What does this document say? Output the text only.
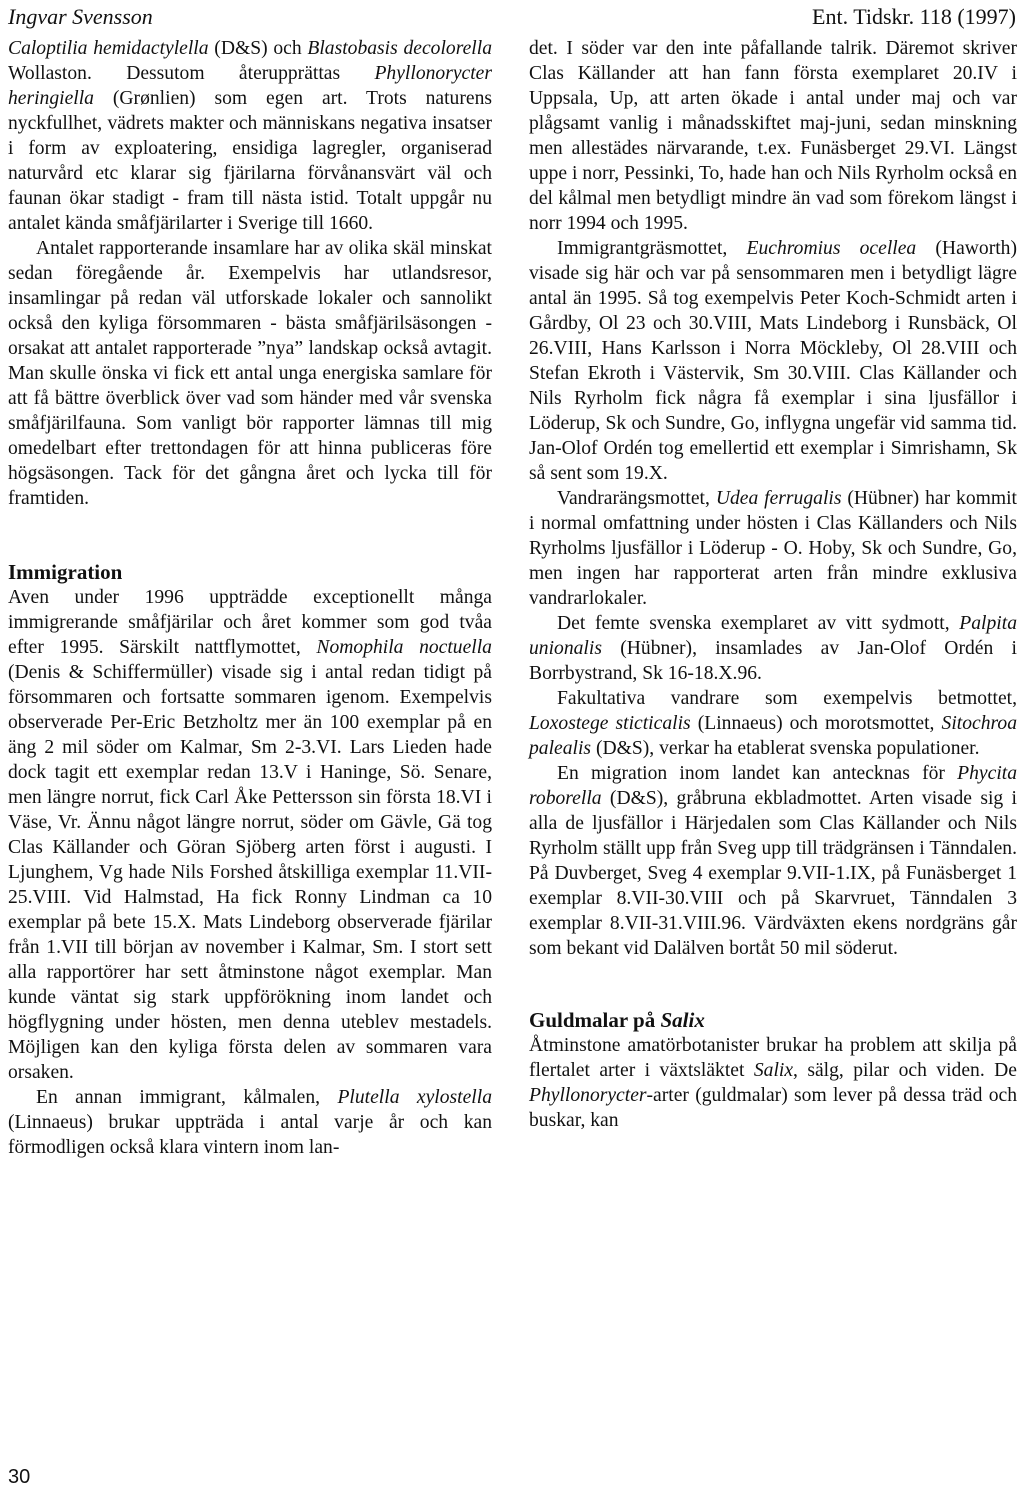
Ingvar Svensson	Ent. Tidskr. 118 (1997)

Caloptilia hemidactylella (D&S) och Blastobasis decolorella Wollaston. Dessutom återupprättas Phyllonorycter heringiella (Grønlien) som egen art. Trots naturens nyckfullhet, vädrets makter och människans negativa insatser i form av exploatering, ensidiga lagregler, organiserad naturvård etc klarar sig fjärilarna förvånansvärt väl och faunan ökar stadigt - fram till nästa istid. Totalt uppgår nu antalet kända småfjärilarter i Sverige till 1660.

Antalet rapporterande insamlare har av olika skäl minskat sedan föregående år. Exempelvis har utlandsresor, insamlingar på redan väl utforskade lokaler och sannolikt också den kyliga försommaren - bästa småfjärilsäsongen - orsakat att antalet rapporterade ”nya” landskap också avtagit. Man skulle önska vi fick ett antal unga energiska samlare för att få bättre överblick över vad som händer med vår svenska småfjärilfauna. Som vanligt bör rapporter lämnas till mig omedelbart efter trettondagen för att hinna publiceras före högsäsongen. Tack för det gångna året och lycka till för framtiden.

Immigration

Aven under 1996 uppträdde exceptionellt många immigrerande småfjärilar och året kommer som god tvåa efter 1995. Särskilt nattflymottet, Nomophila noctuella (Denis & Schiffermüller) visade sig i antal redan tidigt på försommaren och fortsatte sommaren igenom. Exempelvis observerade Per-Eric Betzholtz mer än 100 exemplar på en äng 2 mil söder om Kalmar, Sm 2-3.VI. Lars Lieden hade dock tagit ett exemplar redan 13.V i Haninge, Sö. Senare, men längre norrut, fick Carl Åke Pettersson sin första 18.VI i Väse, Vr. Ännu något längre norrut, söder om Gävle, Gä tog Clas Källander och Göran Sjöberg arten först i augusti. I Ljunghem, Vg hade Nils Forshed åtskilliga exemplar 11.VII-25.VIII. Vid Halmstad, Ha fick Ronny Lindman ca 10 exemplar på bete 15.X. Mats Lindeborg observerade fjärilar från 1.VII till början av november i Kalmar, Sm. I stort sett alla rapportörer har sett åtminstone något exemplar. Man kunde väntat sig stark uppförökning inom landet och högflygning under hösten, men denna uteblev mestadels. Möjligen kan den kyliga första delen av sommaren vara orsaken.

En annan immigrant, kålmalen, Plutella xylostella (Linnaeus) brukar uppträda i antal varje år och kan förmodligen också klara vintern inom lan-

det. I söder var den inte påfallande talrik. Däremot skriver Clas Källander att han fann första exemplaret 20.IV i Uppsala, Up, att arten ökade i antal under maj och var plågsamt vanlig i månadsskiftet maj-juni, sedan minskning men allestädes närvarande, t.ex. Funäsberget 29.VI. Längst uppe i norr, Pessinki, To, hade han och Nils Ryrholm också en del kålmal men betydligt mindre än vad som förekom längst i norr 1994 och 1995.

Immigrantgräsmottet, Euchromius ocellea (Haworth) visade sig här och var på sensommaren men i betydligt lägre antal än 1995. Så tog exempelvis Peter Koch-Schmidt arten i Gårdby, Ol 23 och 30.VIII, Mats Lindeborg i Runsbäck, Ol 26.VIII, Hans Karlsson i Norra Möckleby, Ol 28.VIII och Stefan Ekroth i Västervik, Sm 30.VIII. Clas Källander och Nils Ryrholm fick några få exemplar i sina ljusfällor i Löderup, Sk och Sundre, Go, inflygna ungefär vid samma tid. Jan-Olof Ordén tog emellertid ett exemplar i Simrishamn, Sk så sent som 19.X.

Vandrarängsmottet, Udea ferrugalis (Hübner) har kommit i normal omfattning under hösten i Clas Källanders och Nils Ryrholms ljusfällor i Löderup - O. Hoby, Sk och Sundre, Go, men ingen har rapporterat arten från mindre exklusiva vandrarlokaler.

Det femte svenska exemplaret av vitt sydmott, Palpita unionalis (Hübner), insamlades av Jan-Olof Ordén i Borrbystrand, Sk 16-18.X.96.

Fakultativa vandrare som exempelvis betmottet, Loxostege sticticalis (Linnaeus) och morotsmottet, Sitochroa palealis (D&S), verkar ha etablerat svenska populationer.

En migration inom landet kan antecknas för Phycita roborella (D&S), gråbruna ekbladmottet. Arten visade sig i alla de ljusfällor i Härjedalen som Clas Källander och Nils Ryrholm ställt upp från Sveg upp till trädgränsen i Tänndalen. På Duvberget, Sveg 4 exemplar 9.VII-1.IX, på Funäsberget 1 exemplar 8.VII-30.VIII och på Skarvruet, Tänndalen 3 exemplar 8.VII-31.VIII.96. Värdväxten ekens nordgräns går som bekant vid Dalälven bortåt 50 mil söderut.

Guldmalar på Salix

Åtminstone amatörbotanister brukar ha problem att skilja på flertalet arter i växtsläktet Salix, sälg, pilar och viden. De Phyllonorycter-arter (guldmalar) som lever på dessa träd och buskar, kan

30
